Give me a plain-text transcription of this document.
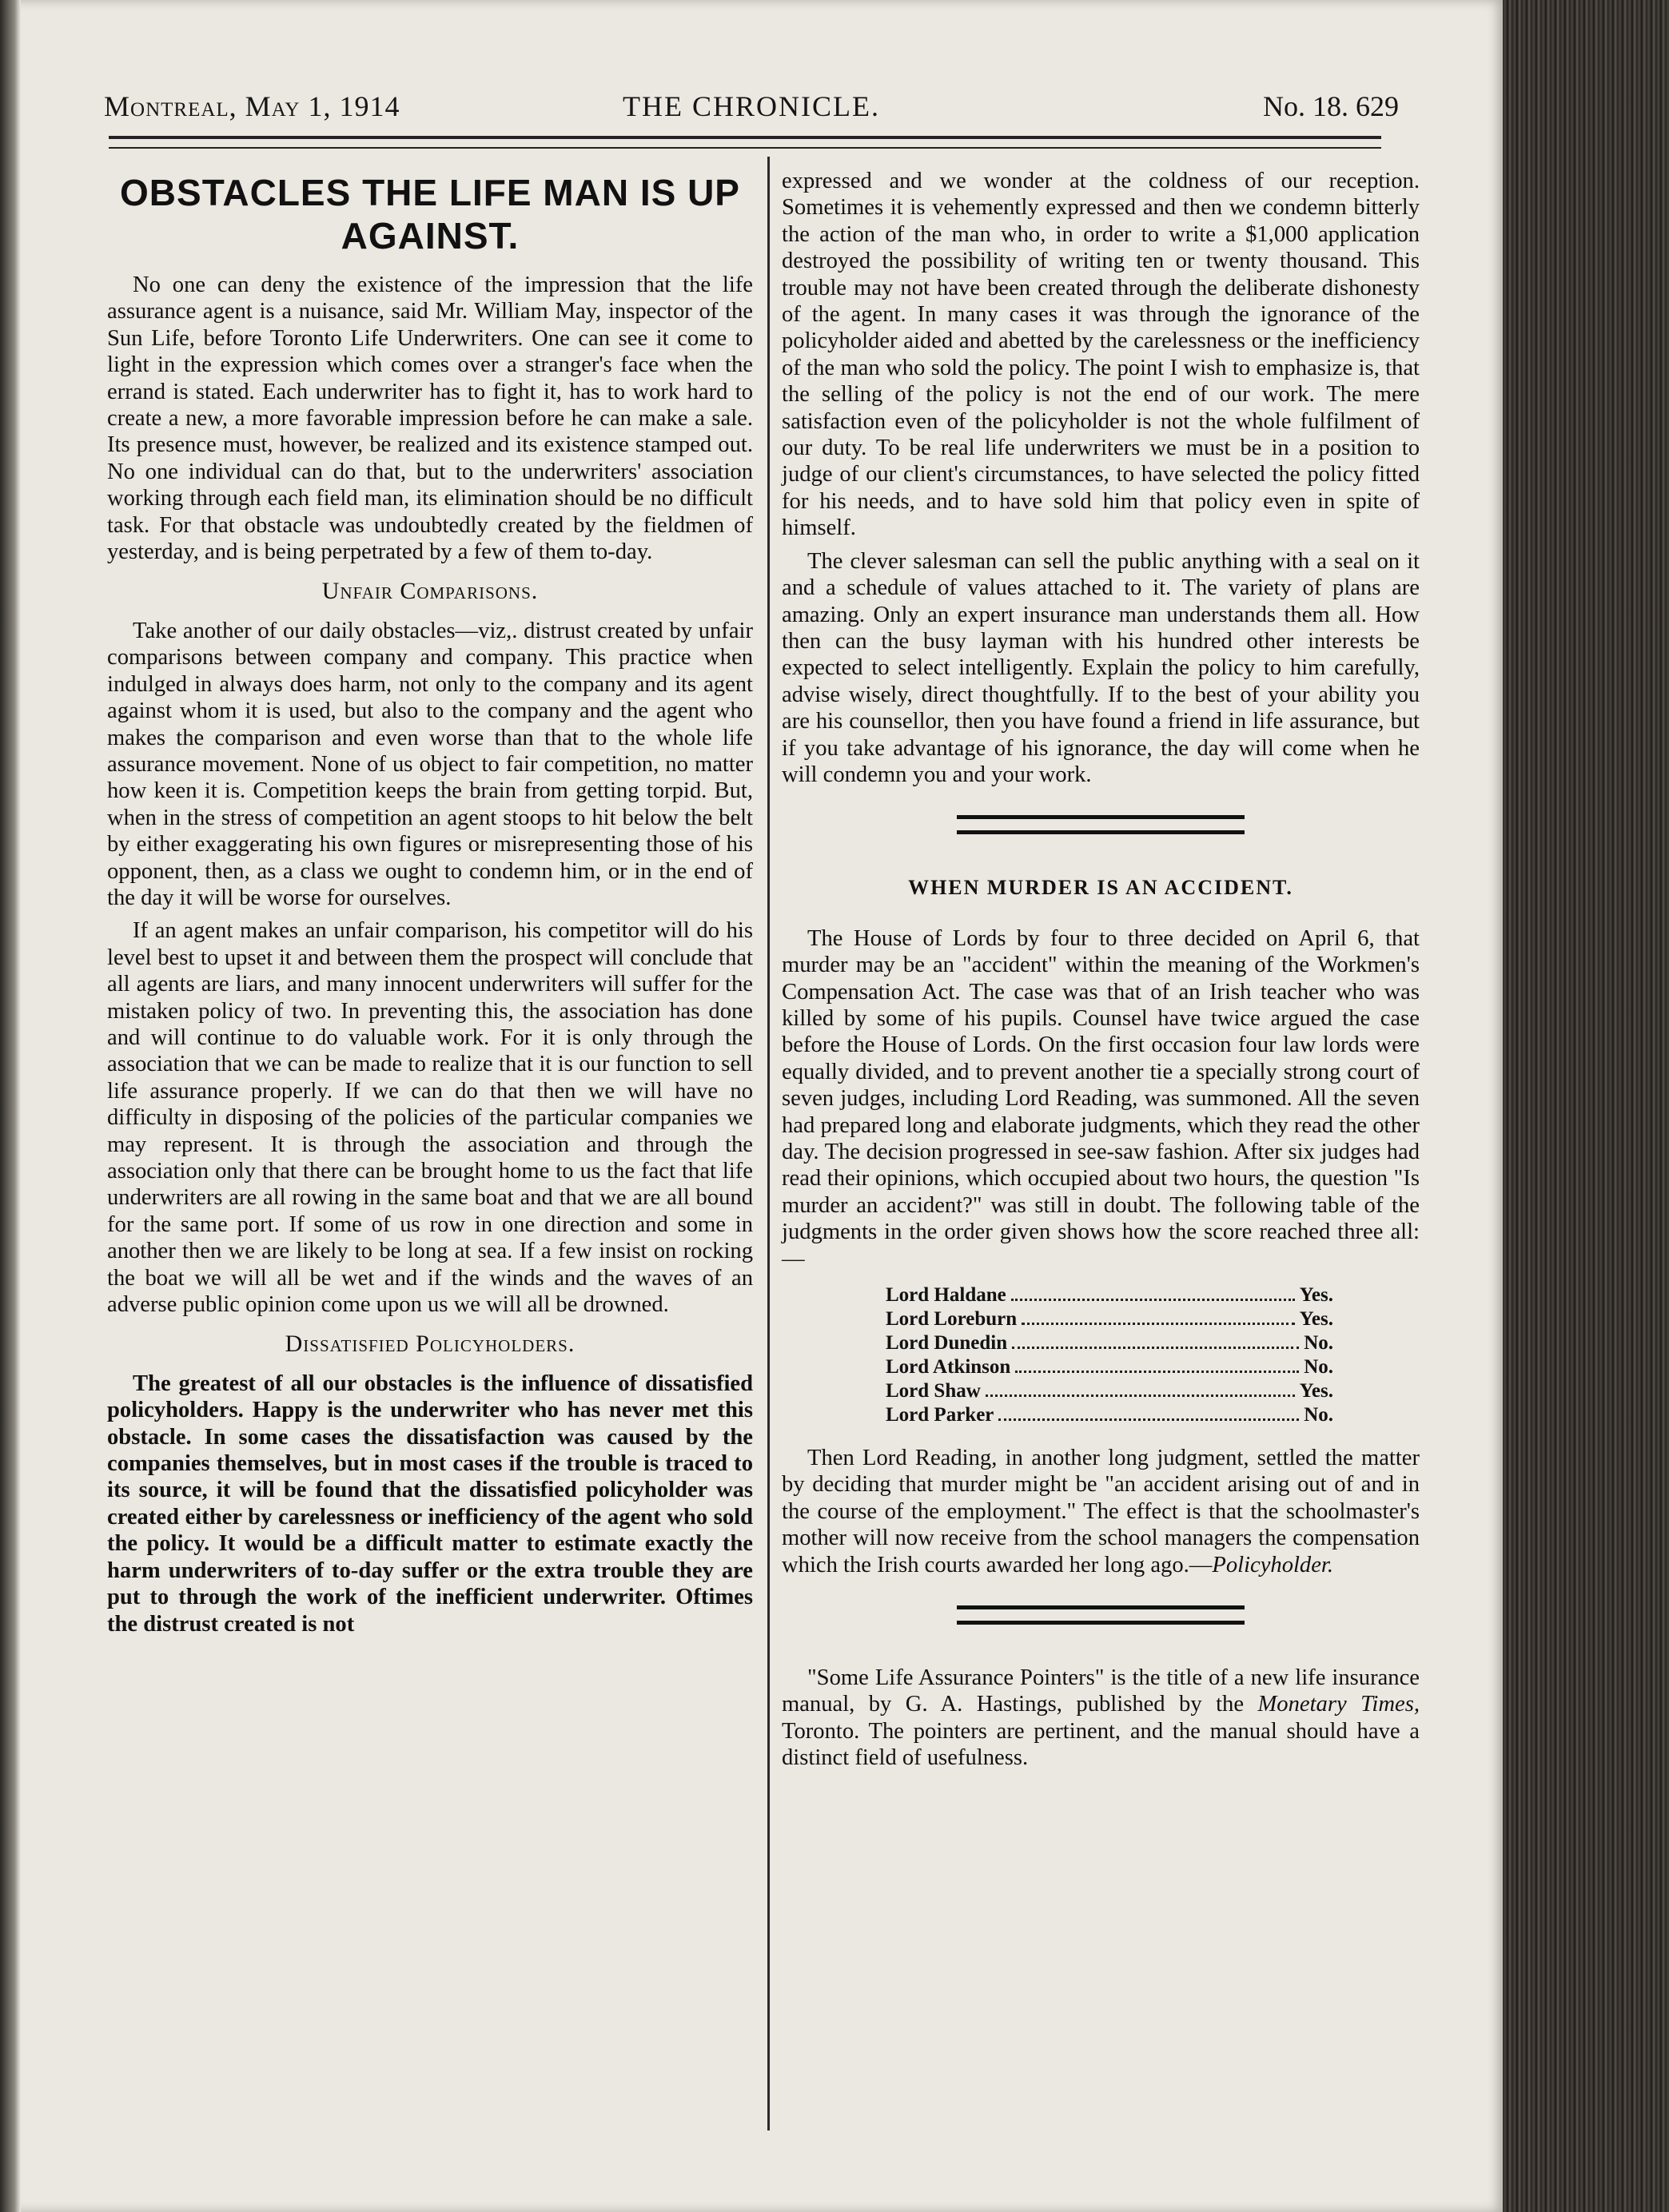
Montreal, May 1, 1914	THE CHRONICLE.	No. 18. 629
OBSTACLES THE LIFE MAN IS UP AGAINST.

No one can deny the existence of the impression that the life assurance agent is a nuisance, said Mr. William May, inspector of the Sun Life, before Toronto Life Underwriters. One can see it come to light in the expression which comes over a stranger's face when the errand is stated. Each underwriter has to fight it, has to work hard to create a new, a more favorable impression before he can make a sale. Its presence must, however, be realized and its existence stamped out. No one individual can do that, but to the underwriters' association working through each field man, its elimination should be no difficult task. For that obstacle was undoubtedly created by the fieldmen of yesterday, and is being perpetrated by a few of them to-day.

Unfair Comparisons.

Take another of our daily obstacles—viz,. distrust created by unfair comparisons between company and company. This practice when indulged in always does harm, not only to the company and its agent against whom it is used, but also to the company and the agent who makes the comparison and even worse than that to the whole life assurance movement. None of us object to fair competition, no matter how keen it is. Competition keeps the brain from getting torpid. But, when in the stress of competition an agent stoops to hit below the belt by either exaggerating his own figures or misrepresenting those of his opponent, then, as a class we ought to condemn him, or in the end of the day it will be worse for ourselves.

If an agent makes an unfair comparison, his competitor will do his level best to upset it and between them the prospect will conclude that all agents are liars, and many innocent underwriters will suffer for the mistaken policy of two. In preventing this, the association has done and will continue to do valuable work. For it is only through the association that we can be made to realize that it is our function to sell life assurance properly. If we can do that then we will have no difficulty in disposing of the policies of the particular companies we may represent. It is through the association and through the association only that there can be brought home to us the fact that life underwriters are all rowing in the same boat and that we are all bound for the same port. If some of us row in one direction and some in another then we are likely to be long at sea. If a few insist on rocking the boat we will all be wet and if the winds and the waves of an adverse public opinion come upon us we will all be drowned.

Dissatisfied Policyholders.

The greatest of all our obstacles is the influence of dissatisfied policyholders. Happy is the underwriter who has never met this obstacle. In some cases the dissatisfaction was caused by the companies themselves, but in most cases if the trouble is traced to its source, it will be found that the dissatisfied policyholder was created either by carelessness or inefficiency of the agent who sold the policy. It would be a difficult matter to estimate exactly the harm underwriters of to-day suffer or the extra trouble they are put to through the work of the inefficient underwriter. Oftimes the distrust created is not

expressed and we wonder at the coldness of our reception. Sometimes it is vehemently expressed and then we condemn bitterly the action of the man who, in order to write a $1,000 application destroyed the possibility of writing ten or twenty thousand. This trouble may not have been created through the deliberate dishonesty of the agent. In many cases it was through the ignorance of the policyholder aided and abetted by the carelessness or the inefficiency of the man who sold the policy. The point I wish to emphasize is, that the selling of the policy is not the end of our work. The mere satisfaction even of the policyholder is not the whole fulfilment of our duty. To be real life underwriters we must be in a position to judge of our client's circumstances, to have selected the policy fitted for his needs, and to have sold him that policy even in spite of himself.

The clever salesman can sell the public anything with a seal on it and a schedule of values attached to it. The variety of plans are amazing. Only an expert insurance man understands them all. How then can the busy layman with his hundred other interests be expected to select intelligently. Explain the policy to him carefully, advise wisely, direct thoughtfully. If to the best of your ability you are his counsellor, then you have found a friend in life assurance, but if you take advantage of his ignorance, the day will come when he will condemn you and your work.

WHEN MURDER IS AN ACCIDENT.

The House of Lords by four to three decided on April 6, that murder may be an "accident" within the meaning of the Workmen's Compensation Act. The case was that of an Irish teacher who was killed by some of his pupils. Counsel have twice argued the case before the House of Lords. On the first occasion four law lords were equally divided, and to prevent another tie a specially strong court of seven judges, including Lord Reading, was summoned. All the seven had prepared long and elaborate judgments, which they read the other day. The decision progressed in see-saw fashion. After six judges had read their opinions, which occupied about two hours, the question "Is murder an accident?" was still in doubt. The following table of the judgments in the order given shows how the score reached three all:—

Lord Haldane	Yes.
Lord Loreburn	Yes.
Lord Dunedin	No.
Lord Atkinson	No.
Lord Shaw	Yes.
Lord Parker	No.

Then Lord Reading, in another long judgment, settled the matter by deciding that murder might be "an accident arising out of and in the course of the employment." The effect is that the schoolmaster's mother will now receive from the school managers the compensation which the Irish courts awarded her long ago.—Policyholder.

"Some Life Assurance Pointers" is the title of a new life insurance manual, by G. A. Hastings, published by the Monetary Times, Toronto. The pointers are pertinent, and the manual should have a distinct field of usefulness.
